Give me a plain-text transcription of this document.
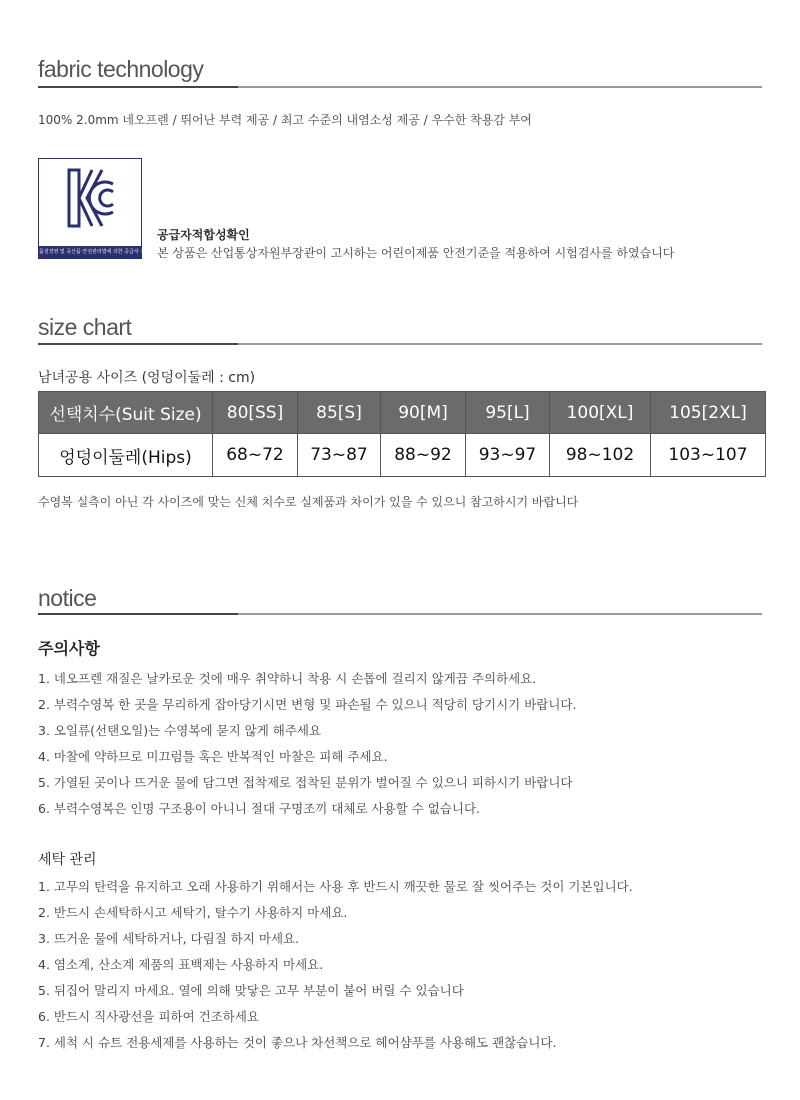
fabric technology
100% 2.0mm 네오프렌 / 뛰어난 부력 제공 / 최고 수준의 내염소성 제공 / 우수한 착용감 부여
품질경영 및 공산품 안전관리법에 의한 공급자 적합성 확인
공급자적합성확인
본 상품은 산업통상자원부장관이 고시하는 어린이제품 안전기준을 적용하여 시험검사를 하였습니다
size chart
남녀공용 사이즈 (엉덩이둘레 : cm)
선택치수(Suit Size)	80[SS]	85[S]	90[M]	95[L]	100[XL]	105[2XL]
엉덩이둘레(Hips)	68~72	73~87	88~92	93~97	98~102	103~107
수영복 실측이 아닌 각 사이즈에 맞는 신체 치수로 실제품과 차이가 있을 수 있으니 참고하시기 바랍니다
notice
주의사항
1. 네오프렌 재질은 날카로운 것에 매우 취약하니 착용 시 손톱에 걸리지 않게끔 주의하세요.
2. 부력수영복 한 곳을 무리하게 잡아당기시면 변형 및 파손될 수 있으니 적당히 당기시기 바랍니다.
3. 오일류(선탠오일)는 수영복에 묻지 않게 해주세요
4. 마찰에 약하므로 미끄럼틀 혹은 반복적인 마찰은 피해 주세요.
5. 가열된 곳이나 뜨거운 물에 담그면 접착제로 접착된 분위가 벌어질 수 있으니 피하시기 바랍니다
6. 부력수영복은 인명 구조용이 아니니 절대 구명조끼 대체로 사용할 수 없습니다.
세탁 관리
1. 고무의 탄력을 유지하고 오래 사용하기 위해서는 사용 후 반드시 깨끗한 물로 잘 씻어주는 것이 기본입니다.
2. 반드시 손세탁하시고 세탁기, 탈수기 사용하지 마세요.
3. 뜨거운 물에 세탁하거나, 다림질 하지 마세요.
4. 염소계, 산소계 제품의 표백제는 사용하지 마세요.
5. 뒤집어 말리지 마세요. 열에 의해 맞닿은 고무 부분이 붙어 버릴 수 있습니다
6. 반드시 직사광선을 피하여 건조하세요
7. 세척 시 슈트 전용세제를 사용하는 것이 좋으나 차선책으로 헤어샴푸를 사용해도 괜찮습니다.
